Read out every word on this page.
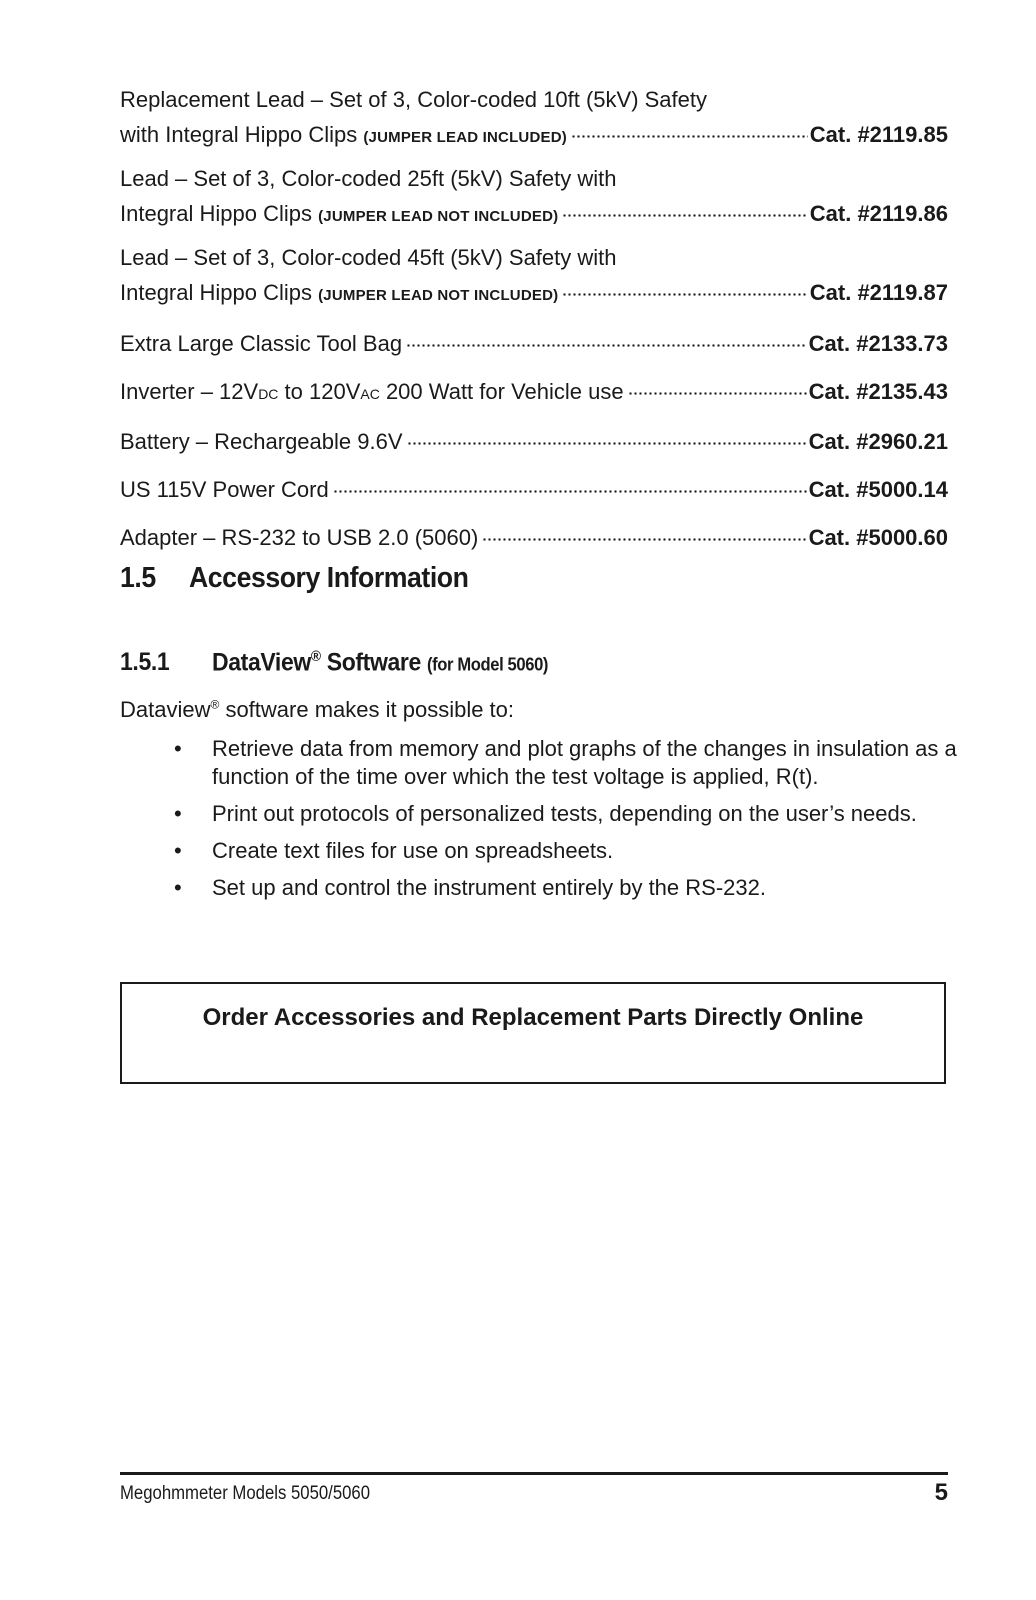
Replacement Lead – Set of 3, Color-coded 10ft (5kV) Safety
with Integral Hippo Clips (JUMPER LEAD INCLUDED)	Cat. #2119.85
Lead – Set of 3, Color-coded 25ft (5kV) Safety with
Integral Hippo Clips (JUMPER LEAD NOT INCLUDED)	Cat. #2119.86
Lead – Set of 3, Color-coded 45ft (5kV) Safety with
Integral Hippo Clips (JUMPER LEAD NOT INCLUDED)	Cat. #2119.87
Extra Large Classic Tool Bag	Cat. #2133.73
Inverter – 12VDC to 120VAC 200 Watt for Vehicle use	Cat. #2135.43
Battery – Rechargeable 9.6V	Cat. #2960.21
US 115V Power Cord	Cat. #5000.14
Adapter – RS-232 to USB 2.0 (5060)	Cat. #5000.60
1.5 Accessory Information
1.5.1 DataView® Software (for Model 5060)
Dataview® software makes it possible to:
• Retrieve data from memory and plot graphs of the changes in insulation as a function of the time over which the test voltage is applied, R(t).
• Print out protocols of personalized tests, depending on the user’s needs.
• Create text files for use on spreadsheets.
• Set up and control the instrument entirely by the RS-232.
Order Accessories and Replacement Parts Directly Online
Megohmmeter Models 5050/5060	5
